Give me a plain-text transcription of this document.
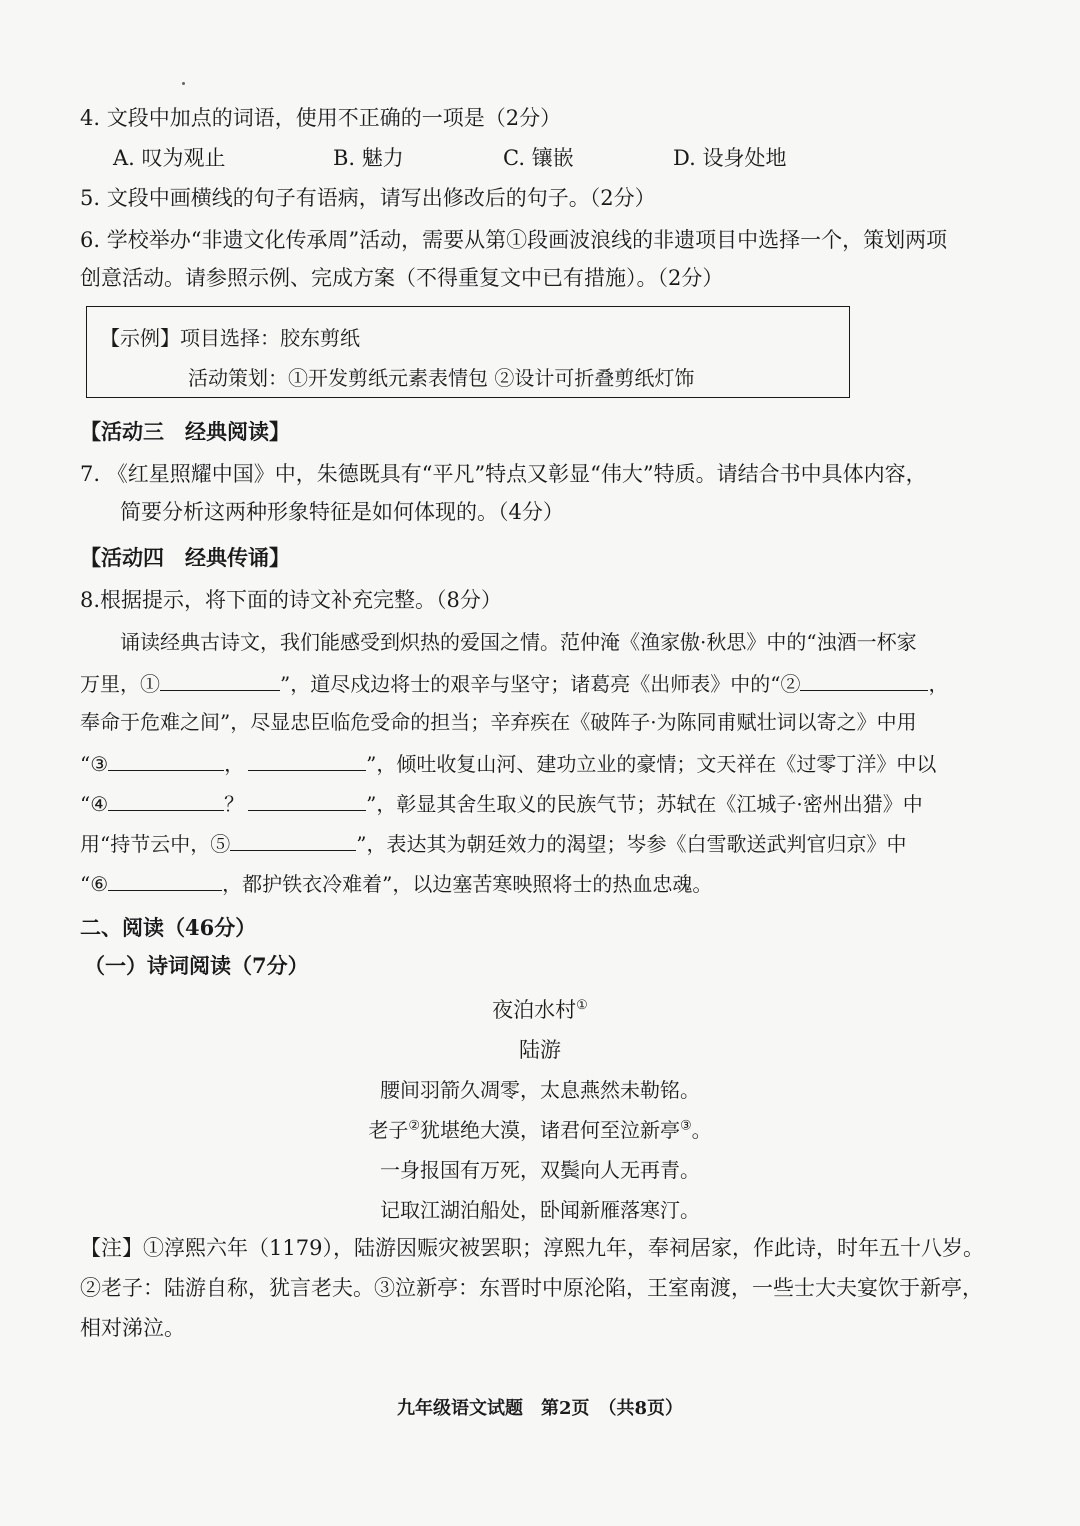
4. 文段中加点的词语，使用不正确的一项是（2分）
A. 叹为观止	B. 魅力	C. 镶嵌	D. 设身处地
5. 文段中画横线的句子有语病，请写出修改后的句子。（2分）
6. 学校举办“非遗文化传承周”活动，需要从第①段画波浪线的非遗项目中选择一个，策划两项
创意活动。请参照示例、完成方案（不得重复文中已有措施）。（2分）
【示例】项目选择：胶东剪纸
活动策划：①开发剪纸元素表情包 ②设计可折叠剪纸灯饰
【活动三　经典阅读】
7. 《红星照耀中国》中，朱德既具有“平凡”特点又彰显“伟大”特质。请结合书中具体内容，
简要分析这两种形象特征是如何体现的。（4分）
【活动四　经典传诵】
8.根据提示，将下面的诗文补充完整。（8分）
诵读经典古诗文，我们能感受到炽热的爱国之情。范仲淹《渔家傲·秋思》中的“浊酒一杯家
万里，①	”，道尽戍边将士的艰辛与坚守；诸葛亮《出师表》中的“②	，
奉命于危难之间”，尽显忠臣临危受命的担当；辛弃疾在《破阵子·为陈同甫赋壮词以寄之》中用
“③	，	”，倾吐收复山河、建功立业的豪情；文天祥在《过零丁洋》中以
“④	？	”，彰显其舍生取义的民族气节；苏轼在《江城子·密州出猎》中
用“持节云中，⑤	”，表达其为朝廷效力的渴望；岑参《白雪歌送武判官归京》中
“⑥	，都护铁衣冷难着”，以边塞苦寒映照将士的热血忠魂。
二、阅读（46分）
（一）诗词阅读（7分）
夜泊水村①
陆游
腰间羽箭久凋零，太息燕然未勒铭。
老子②犹堪绝大漠，诸君何至泣新亭③。
一身报国有万死，双鬓向人无再青。
记取江湖泊船处，卧闻新雁落寒汀。
【注】①淳熙六年（1179），陆游因赈灾被罢职；淳熙九年，奉祠居家，作此诗，时年五十八岁。
②老子：陆游自称，犹言老夫。③泣新亭：东晋时中原沦陷，王室南渡，一些士大夫宴饮于新亭，
相对涕泣。
九年级语文试题　第2页　（共8页）
